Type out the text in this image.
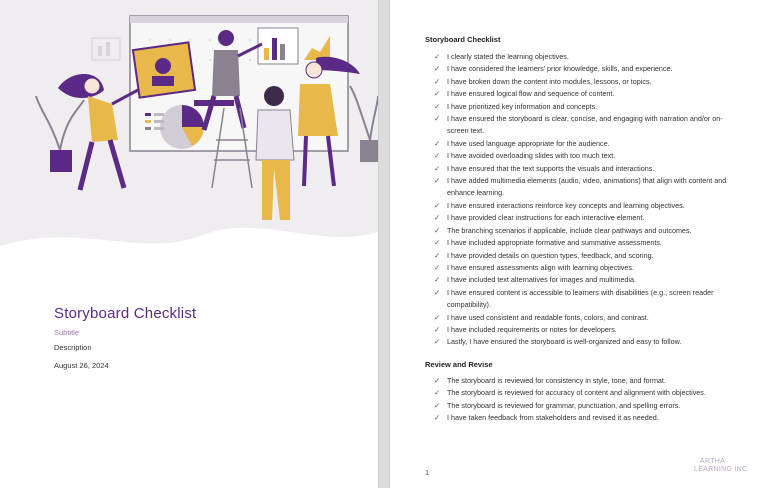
Storyboard Checklist
Subtitle
Description
August 26, 2024
Storyboard Checklist
✓ I clearly stated the learning objectives.
✓ I have considered the learners' prior knowledge, skills, and experience.
✓ I have broken down the content into modules, lessons, or topics.
✓ I have ensured logical flow and sequence of content.
✓ I have prioritized key information and concepts.
✓ I have ensured the storyboard is clear, concise, and engaging with narration and/or on-screen text.
✓ I have used language appropriate for the audience.
✓ I have avoided overloading slides with too much text.
✓ I have ensured that the text supports the visuals and interactions.
✓ I have added multimedia elements (audio, video, animations) that align with content and enhance learning.
✓ I have ensured interactions reinforce key concepts and learning objectives.
✓ I have provided clear instructions for each interactive element.
✓ The branching scenarios if applicable, include clear pathways and outcomes.
✓ I have included appropriate formative and summative assessments.
✓ I have provided details on question types, feedback, and scoring.
✓ I have ensured assessments align with learning objectives.
✓ I have included text alternatives for images and multimedia.
✓ I have ensured content is accessible to learners with disabilities (e.g., screen reader compatibility).
✓ I have used consistent and readable fonts, colors, and contrast.
✓ I have included requirements or notes for developers.
✓ Lastly, I have ensured the storyboard is well-organized and easy to follow.
Review and Revise
✓ The storyboard is reviewed for consistency in style, tone, and format.
✓ The storyboard is reviewed for accuracy of content and alignment with objectives.
✓ The storyboard is reviewed for grammar, punctuation, and spelling errors.
✓ I have taken feedback from stakeholders and revised it as needed.
1
ARTHA
LEARNING INC.
